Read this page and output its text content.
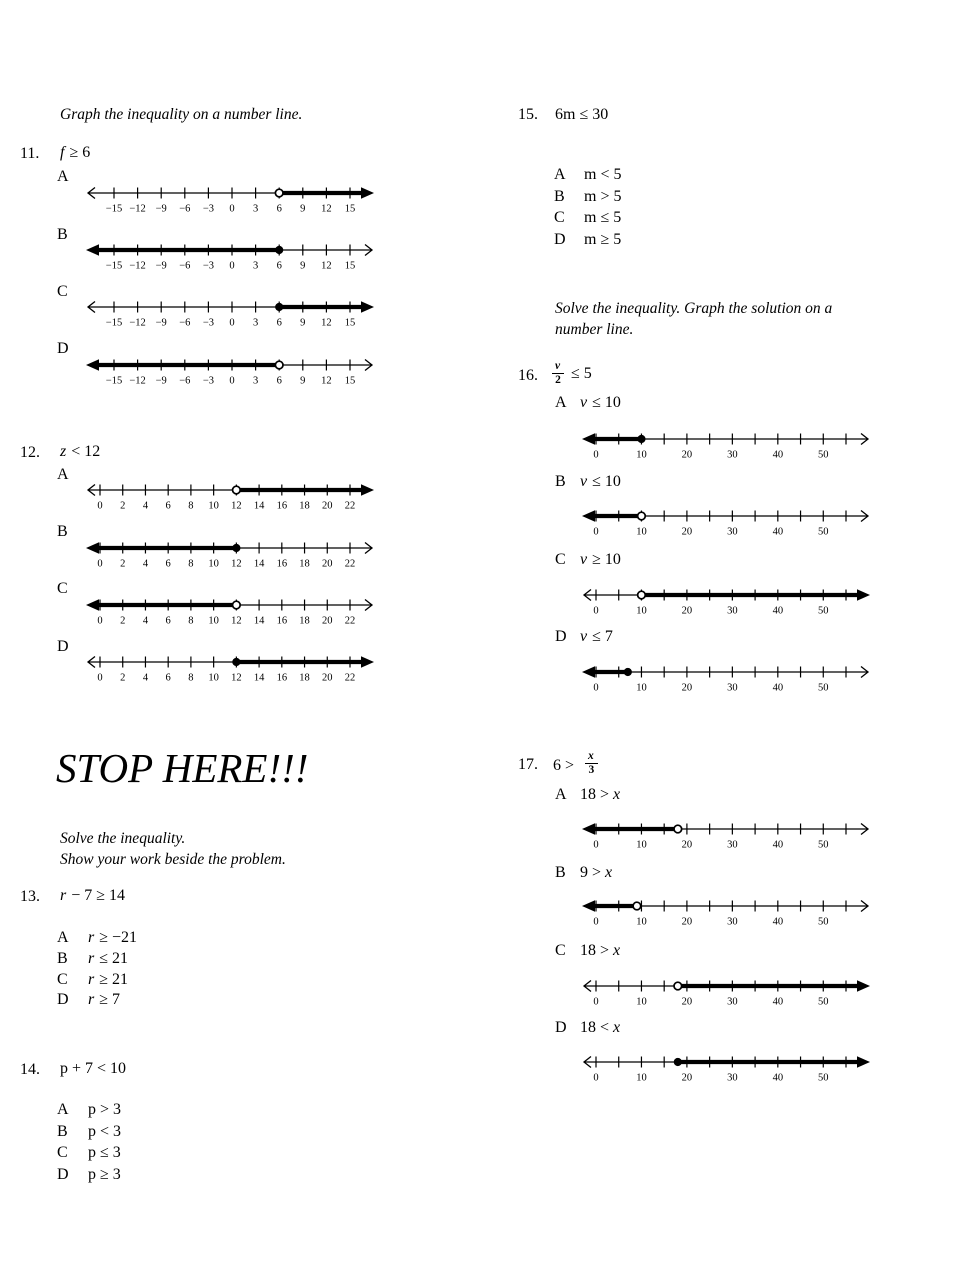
Graph the inequality on a number line.
11. f ≥ 6
A
−15 −12 −9 −6 −3 0 3 6 9 12 15
B
−15 −12 −9 −6 −3 0 3 6 9 12 15
C
−15 −12 −9 −6 −3 0 3 6 9 12 15
D
−15 −12 −9 −6 −3 0 3 6 9 12 15
12. z < 12
A
0 2 4 6 8 10 12 14 16 18 20 22
B
0 2 4 6 8 10 12 14 16 18 20 22
C
0 2 4 6 8 10 12 14 16 18 20 22
D
0 2 4 6 8 10 12 14 16 18 20 22
STOP HERE!!!
Solve the inequality.
Show your work beside the problem.
13. r − 7 ≥ 14
A r ≥ −21
B r ≤ 21
C r ≥ 21
D r ≥ 7
14. p + 7 < 10
A p > 3
B p < 3
C p ≤ 3
D p ≥ 3
15. 6m ≤ 30
A m < 5
B m > 5
C m ≤ 5
D m ≥ 5
Solve the inequality. Graph the solution on a
number line.
16. $\frac{v}{2} \le 5$
A v ≤ 10
0	10	20	30	40	50
B v ≤ 10
0	10	20	30	40	50
C v ≥ 10
0	10	20	30	40	50
D v ≤ 7
0	10	20	30	40	50
17. $6 > \frac{x}{3}$
A 18 > x
0	10	20	30	40	50
B 9 > x
0	10	20	30	40	50
C 18 > x
0	10	20	30	40	50
D 18 < x
0	10	20	30	40	50
